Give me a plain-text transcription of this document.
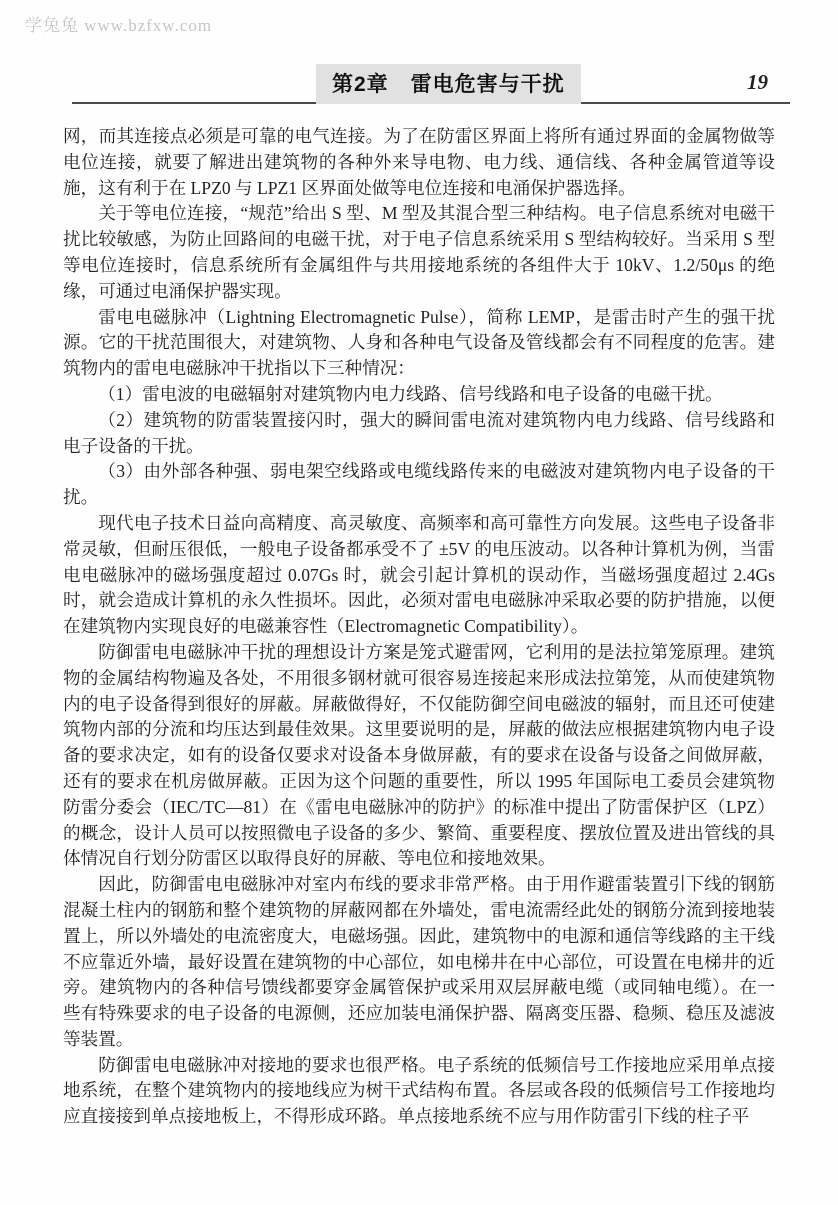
学兔兔 www.bzfxw.com
第2章　雷电危害与干扰	19

网，而其连接点必须是可靠的电气连接。为了在防雷区界面上将所有通过界面的金属物做等电位连接，就要了解进出建筑物的各种外来导电物、电力线、通信线、各种金属管道等设施，这有利于在 LPZ0 与 LPZ1 区界面处做等电位连接和电涌保护器选择。

关于等电位连接，“规范”给出 S 型、M 型及其混合型三种结构。电子信息系统对电磁干扰比较敏感，为防止回路间的电磁干扰，对于电子信息系统采用 S 型结构较好。当采用 S 型等电位连接时，信息系统所有金属组件与共用接地系统的各组件大于 10kV、1.2/50μs 的绝缘，可通过电涌保护器实现。

雷电电磁脉冲（Lightning Electromagnetic Pulse），简称 LEMP，是雷击时产生的强干扰源。它的干扰范围很大，对建筑物、人身和各种电气设备及管线都会有不同程度的危害。建筑物内的雷电电磁脉冲干扰指以下三种情况：

（1）雷电波的电磁辐射对建筑物内电力线路、信号线路和电子设备的电磁干扰。

（2）建筑物的防雷装置接闪时，强大的瞬间雷电流对建筑物内电力线路、信号线路和电子设备的干扰。

（3）由外部各种强、弱电架空线路或电缆线路传来的电磁波对建筑物内电子设备的干扰。

现代电子技术日益向高精度、高灵敏度、高频率和高可靠性方向发展。这些电子设备非常灵敏，但耐压很低，一般电子设备都承受不了 ±5V 的电压波动。以各种计算机为例，当雷电电磁脉冲的磁场强度超过 0.07Gs 时，就会引起计算机的误动作，当磁场强度超过 2.4Gs 时，就会造成计算机的永久性损坏。因此，必须对雷电电磁脉冲采取必要的防护措施，以便在建筑物内实现良好的电磁兼容性（Electromagnetic Compatibility）。

防御雷电电磁脉冲干扰的理想设计方案是笼式避雷网，它利用的是法拉第笼原理。建筑物的金属结构物遍及各处，不用很多钢材就可很容易连接起来形成法拉第笼，从而使建筑物内的电子设备得到很好的屏蔽。屏蔽做得好，不仅能防御空间电磁波的辐射，而且还可使建筑物内部的分流和均压达到最佳效果。这里要说明的是，屏蔽的做法应根据建筑物内电子设备的要求决定，如有的设备仅要求对设备本身做屏蔽，有的要求在设备与设备之间做屏蔽，还有的要求在机房做屏蔽。正因为这个问题的重要性，所以 1995 年国际电工委员会建筑物防雷分委会（IEC/TC—81）在《雷电电磁脉冲的防护》的标准中提出了防雷保护区（LPZ）的概念，设计人员可以按照微电子设备的多少、繁简、重要程度、摆放位置及进出管线的具体情况自行划分防雷区以取得良好的屏蔽、等电位和接地效果。

因此，防御雷电电磁脉冲对室内布线的要求非常严格。由于用作避雷装置引下线的钢筋混凝土柱内的钢筋和整个建筑物的屏蔽网都在外墙处，雷电流需经此处的钢筋分流到接地装置上，所以外墙处的电流密度大，电磁场强。因此，建筑物中的电源和通信等线路的主干线不应靠近外墙，最好设置在建筑物的中心部位，如电梯井在中心部位，可设置在电梯井的近旁。建筑物内的各种信号馈线都要穿金属管保护或采用双层屏蔽电缆（或同轴电缆）。在一些有特殊要求的电子设备的电源侧，还应加装电涌保护器、隔离变压器、稳频、稳压及滤波等装置。

防御雷电电磁脉冲对接地的要求也很严格。电子系统的低频信号工作接地应采用单点接地系统，在整个建筑物内的接地线应为树干式结构布置。各层或各段的低频信号工作接地均应直接接到单点接地板上，不得形成环路。单点接地系统不应与用作防雷引下线的柱子平
